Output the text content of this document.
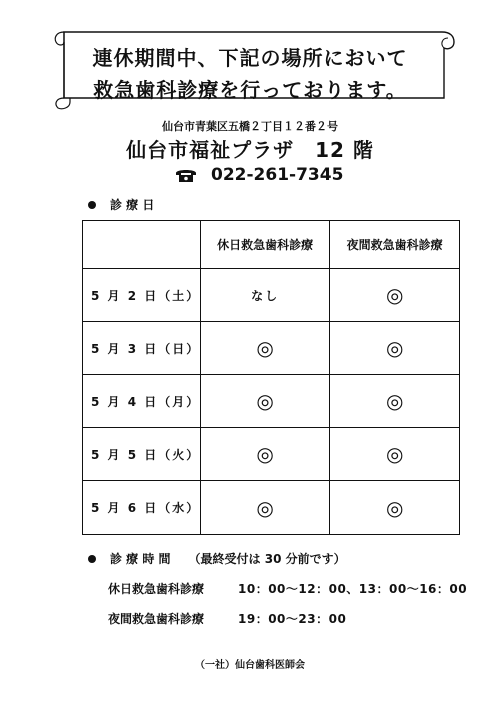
連休期間中、下記の場所において
救急歯科診療を行っております。
仙台市青葉区五橋２丁目１２番２号
仙台市福祉プラザ　12 階
022-261-7345
診 療 日
	休日救急歯科診療	夜間救急歯科診療
5 月 2 日（土）	なし	◎
5 月 3 日（日）	◎	◎
5 月 4 日（月）	◎	◎
5 月 5 日（火）	◎	◎
5 月 6 日（水）	◎	◎
診 療 時 間 （最終受付は 30 分前です）
休日救急歯科診療	10：00～12：00、13：00～16：00
夜間救急歯科診療	19：00～23：00
（一社）仙台歯科医師会
